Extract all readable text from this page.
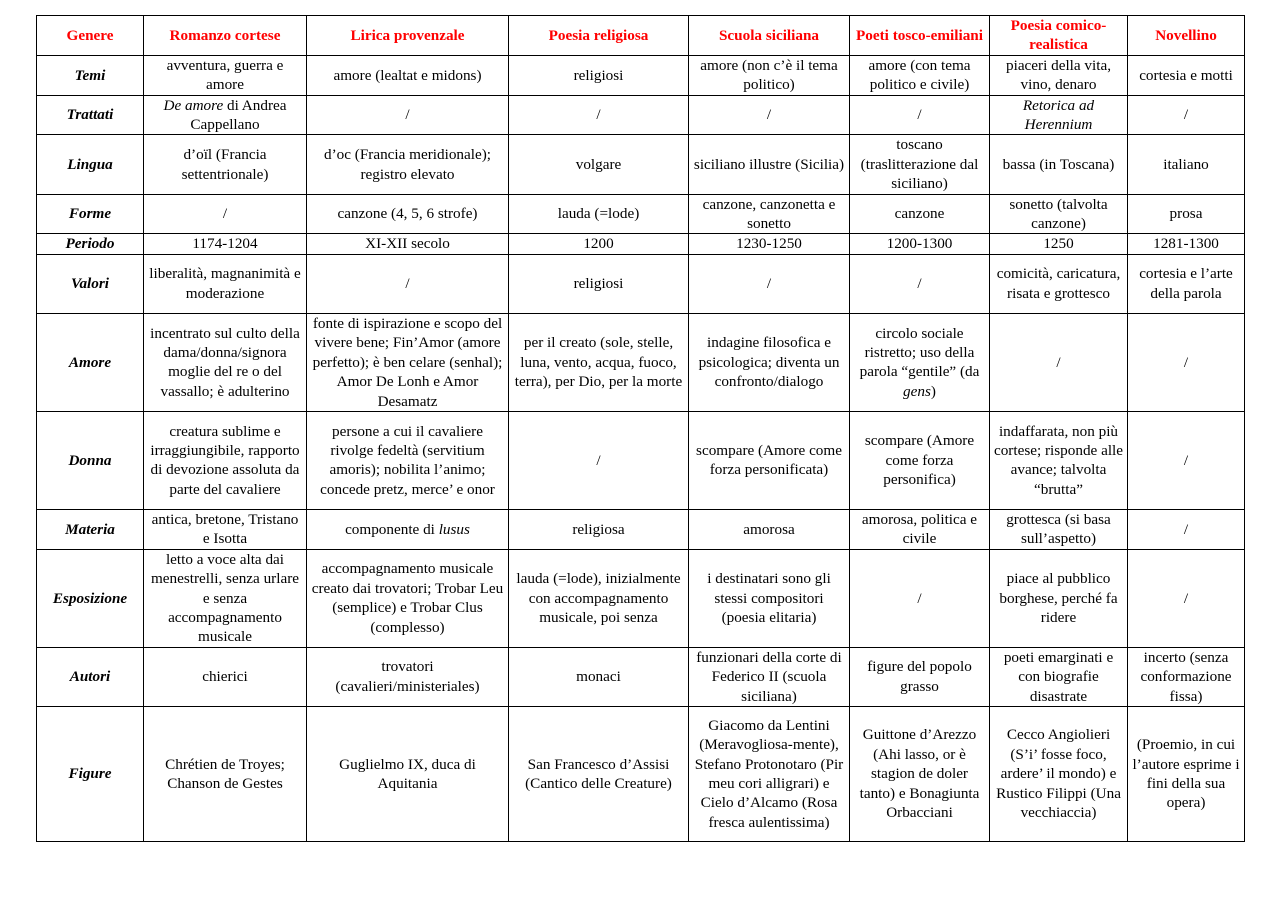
Genere	Romanzo cortese	Lirica provenzale	Poesia religiosa	Scuola siciliana	Poeti tosco-emiliani	Poesia comico-realistica	Novellino
Temi	avventura, guerra e amore	amore (lealtat e midons)	religiosi	amore (non c’è il tema politico)	amore (con tema politico e civile)	piaceri della vita, vino, denaro	cortesia e motti
Trattati	De amore di Andrea Cappellano	/	/	/	/	Retorica ad Herennium	/
Lingua	d’oïl (Francia settentrionale)	d’oc (Francia meridionale); registro elevato	volgare	siciliano illustre (Sicilia)	toscano (traslitterazione dal siciliano)	bassa (in Toscana)	italiano
Forme	/	canzone (4, 5, 6 strofe)	lauda (=lode)	canzone, canzonetta e sonetto	canzone	sonetto (talvolta canzone)	prosa
Periodo	1174-1204	XI-XII secolo	1200	1230-1250	1200-1300	1250	1281-1300
Valori	liberalità, magnanimità e moderazione	/	religiosi	/	/	comicità, caricatura, risata e grottesco	cortesia e l’arte della parola
Amore	incentrato sul culto della dama/donna/signora moglie del re o del vassallo; è adulterino	fonte di ispirazione e scopo del vivere bene; Fin’Amor (amore perfetto); è ben celare (senhal); Amor De Lonh e Amor Desamatz	per il creato (sole, stelle, luna, vento, acqua, fuoco, terra), per Dio, per la morte	indagine filosofica e psicologica; diventa un confronto/dialogo	circolo sociale ristretto; uso della parola “gentile” (da gens)	/	/
Donna	creatura sublime e irraggiungibile, rapporto di devozione assoluta da parte del cavaliere	persone a cui il cavaliere rivolge fedeltà (servitium amoris); nobilita l’animo; concede pretz, merce’ e onor	/	scompare (Amore come forza personificata)	scompare (Amore come forza personifica)	indaffarata, non più cortese; risponde alle avance; talvolta “brutta”	/
Materia	antica, bretone, Tristano e Isotta	componente di lusus	religiosa	amorosa	amorosa, politica e civile	grottesca (si basa sull’aspetto)	/
Esposizione	letto a voce alta dai menestrelli, senza urlare e senza accompagnamento musicale	accompagnamento musicale creato dai trovatori; Trobar Leu (semplice) e Trobar Clus (complesso)	lauda (=lode), inizialmente con accompagnamento musicale, poi senza	i destinatari sono gli stessi compositori (poesia elitaria)	/	piace al pubblico borghese, perché fa ridere	/
Autori	chierici	trovatori (cavalieri/ministeriales)	monaci	funzionari della corte di Federico II (scuola siciliana)	figure del popolo grasso	poeti emarginati e con biografie disastrate	incerto (senza conformazione fissa)
Figure	Chrétien de Troyes; Chanson de Gestes	Guglielmo IX, duca di Aquitania	San Francesco d’Assisi (Cantico delle Creature)	Giacomo da Lentini (Meravogliosa-mente), Stefano Protonotaro (Pir meu cori alligrari) e Cielo d’Alcamo (Rosa fresca aulentissima)	Guittone d’Arezzo (Ahi lasso, or è stagion de doler tanto) e Bonagiunta Orbacciani	Cecco Angiolieri (S’i’ fosse foco, ardere’ il mondo) e Rustico Filippi (Una vecchiaccia)	(Proemio, in cui l’autore esprime i fini della sua opera)
